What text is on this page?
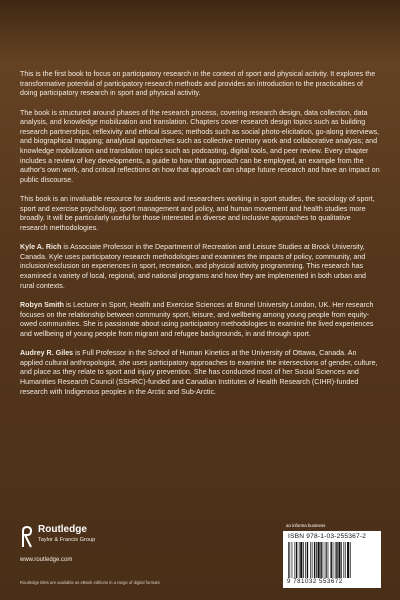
This is the first book to focus on participatory research in the context of sport and physical activity. It explores the transformative potential of participatory research methods and provides an introduction to the practicalities of doing participatory research in sport and physical activity.

The book is structured around phases of the research process, covering research design, data collection, data analysis, and knowledge mobilization and translation. Chapters cover research design topics such as building research partnerships, reflexivity and ethical issues; methods such as social photo-elicitation, go-along interviews, and biographical mapping; analytical approaches such as collective memory work and collaborative analysis; and knowledge mobilization and translation topics such as podcasting, digital tools, and peer review. Every chapter includes a review of key developments, a guide to how that approach can be employed, an example from the author's own work, and critical reflections on how that approach can shape future research and have an impact on public discourse.

This book is an invaluable resource for students and researchers working in sport studies, the sociology of sport, sport and exercise psychology, sport management and policy, and human movement and health studies more broadly. It will be particularly useful for those interested in diverse and inclusive approaches to qualitative research methodologies.

Kyle A. Rich is Associate Professor in the Department of Recreation and Leisure Studies at Brock University, Canada. Kyle uses participatory research methodologies and examines the impacts of policy, community, and inclusion/exclusion on experiences in sport, recreation, and physical activity programming. This research has examined a variety of local, regional, and national programs and how they are implemented in both urban and rural contexts.

Robyn Smith is Lecturer in Sport, Health and Exercise Sciences at Brunel University London, UK. Her research focuses on the relationship between community sport, leisure, and wellbeing among young people from equity-owed communities. She is passionate about using participatory methodologies to examine the lived experiences and wellbeing of young people from migrant and refugee backgrounds, in and through sport.

Audrey R. Giles is Full Professor in the School of Human Kinetics at the University of Ottawa, Canada. An applied cultural anthropologist, she uses participatory approaches to examine the intersections of gender, culture, and place as they relate to sport and injury prevention. She has conducted most of her Social Sciences and Humanities Research Council (SSHRC)-funded and Canadian Institutes of Health Research (CIHR)-funded research with Indigenous peoples in the Arctic and Sub-Arctic.

Routledge
Taylor & Francis Group
www.routledge.com
Routledge titles are available as eBook editions in a range of digital formats
an informa business
ISBN 978-1-03-255367-2
9 781032 553672
